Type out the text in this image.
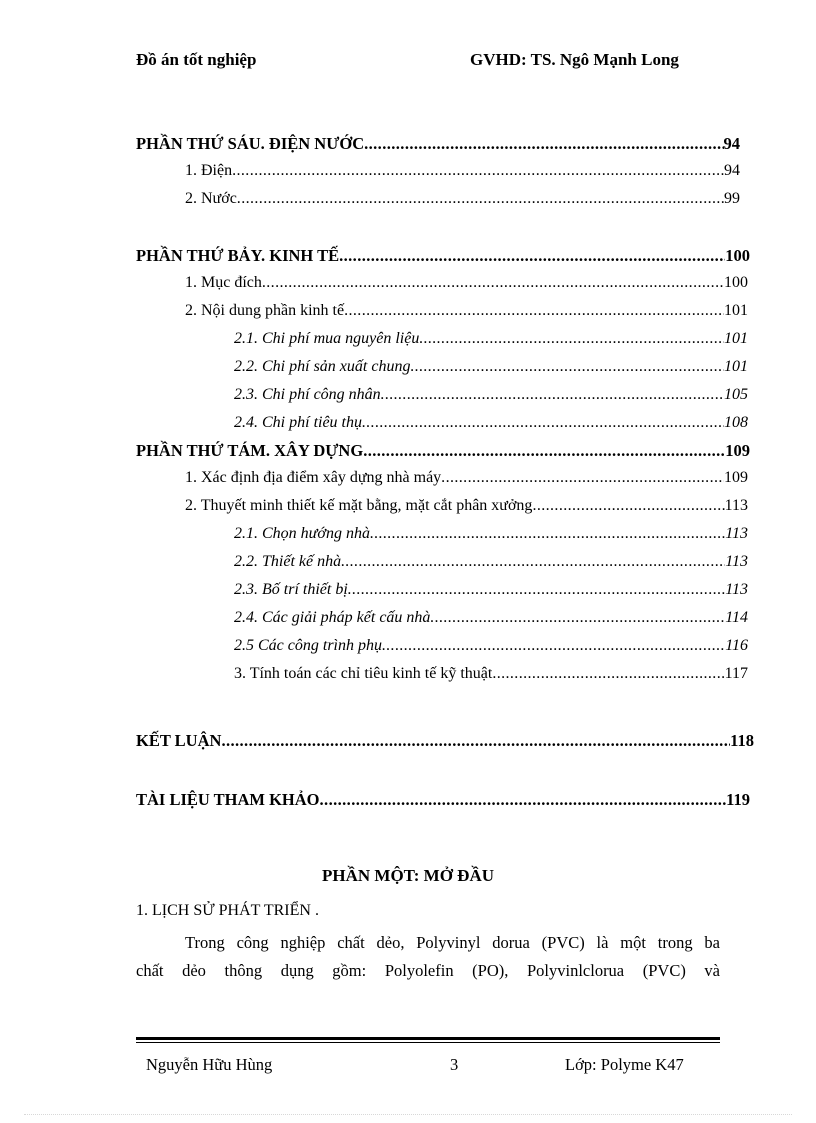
Đồ án tốt nghiệp	GVHD: TS. Ngô Mạnh Long
PHẦN THỨ SÁU. ĐIỆN NƯỚC .....	94
1. Điện .....	94
2. Nước .....	99
PHẦN THỨ BẢY. KINH TẾ .....	100
1. Mục đích .....	100
2. Nội dung phần kinh tế .....	101
2.1. Chi phí mua nguyên liệu .....	101
2.2. Chi phí sản xuất chung .....	101
2.3. Chi phí công nhân .....	105
2.4. Chi phí tiêu thụ .....	108
PHẦN THỨ TÁM. XÂY DỰNG .....	109
1. Xác định địa điểm xây dựng nhà máy .....	109
2. Thuyết minh thiết kế mặt bằng, mặt cắt phân xưởng .....	113
2.1. Chọn hướng nhà .....	113
2.2. Thiết kế nhà .....	113
2.3. Bố trí thiết bị .....	113
2.4. Các giải pháp kết cấu nhà .....	114
2.5 Các công trình phụ .....	116
3. Tính toán các chỉ tiêu kinh tế kỹ thuật .....	117
KẾT LUẬN .....	118
TÀI LIỆU THAM KHẢO .....	119
PHẦN MỘT: MỞ ĐẦU
1. LỊCH SỬ PHÁT TRIỂN .
Trong công nghiệp chất dẻo, Polyvinyl dorua (PVC) là một trong ba
chất dẻo thông dụng gồm: Polyolefin (PO), Polyvinlclorua (PVC) và
Nguyễn Hữu Hùng	3	Lớp: Polyme K47
